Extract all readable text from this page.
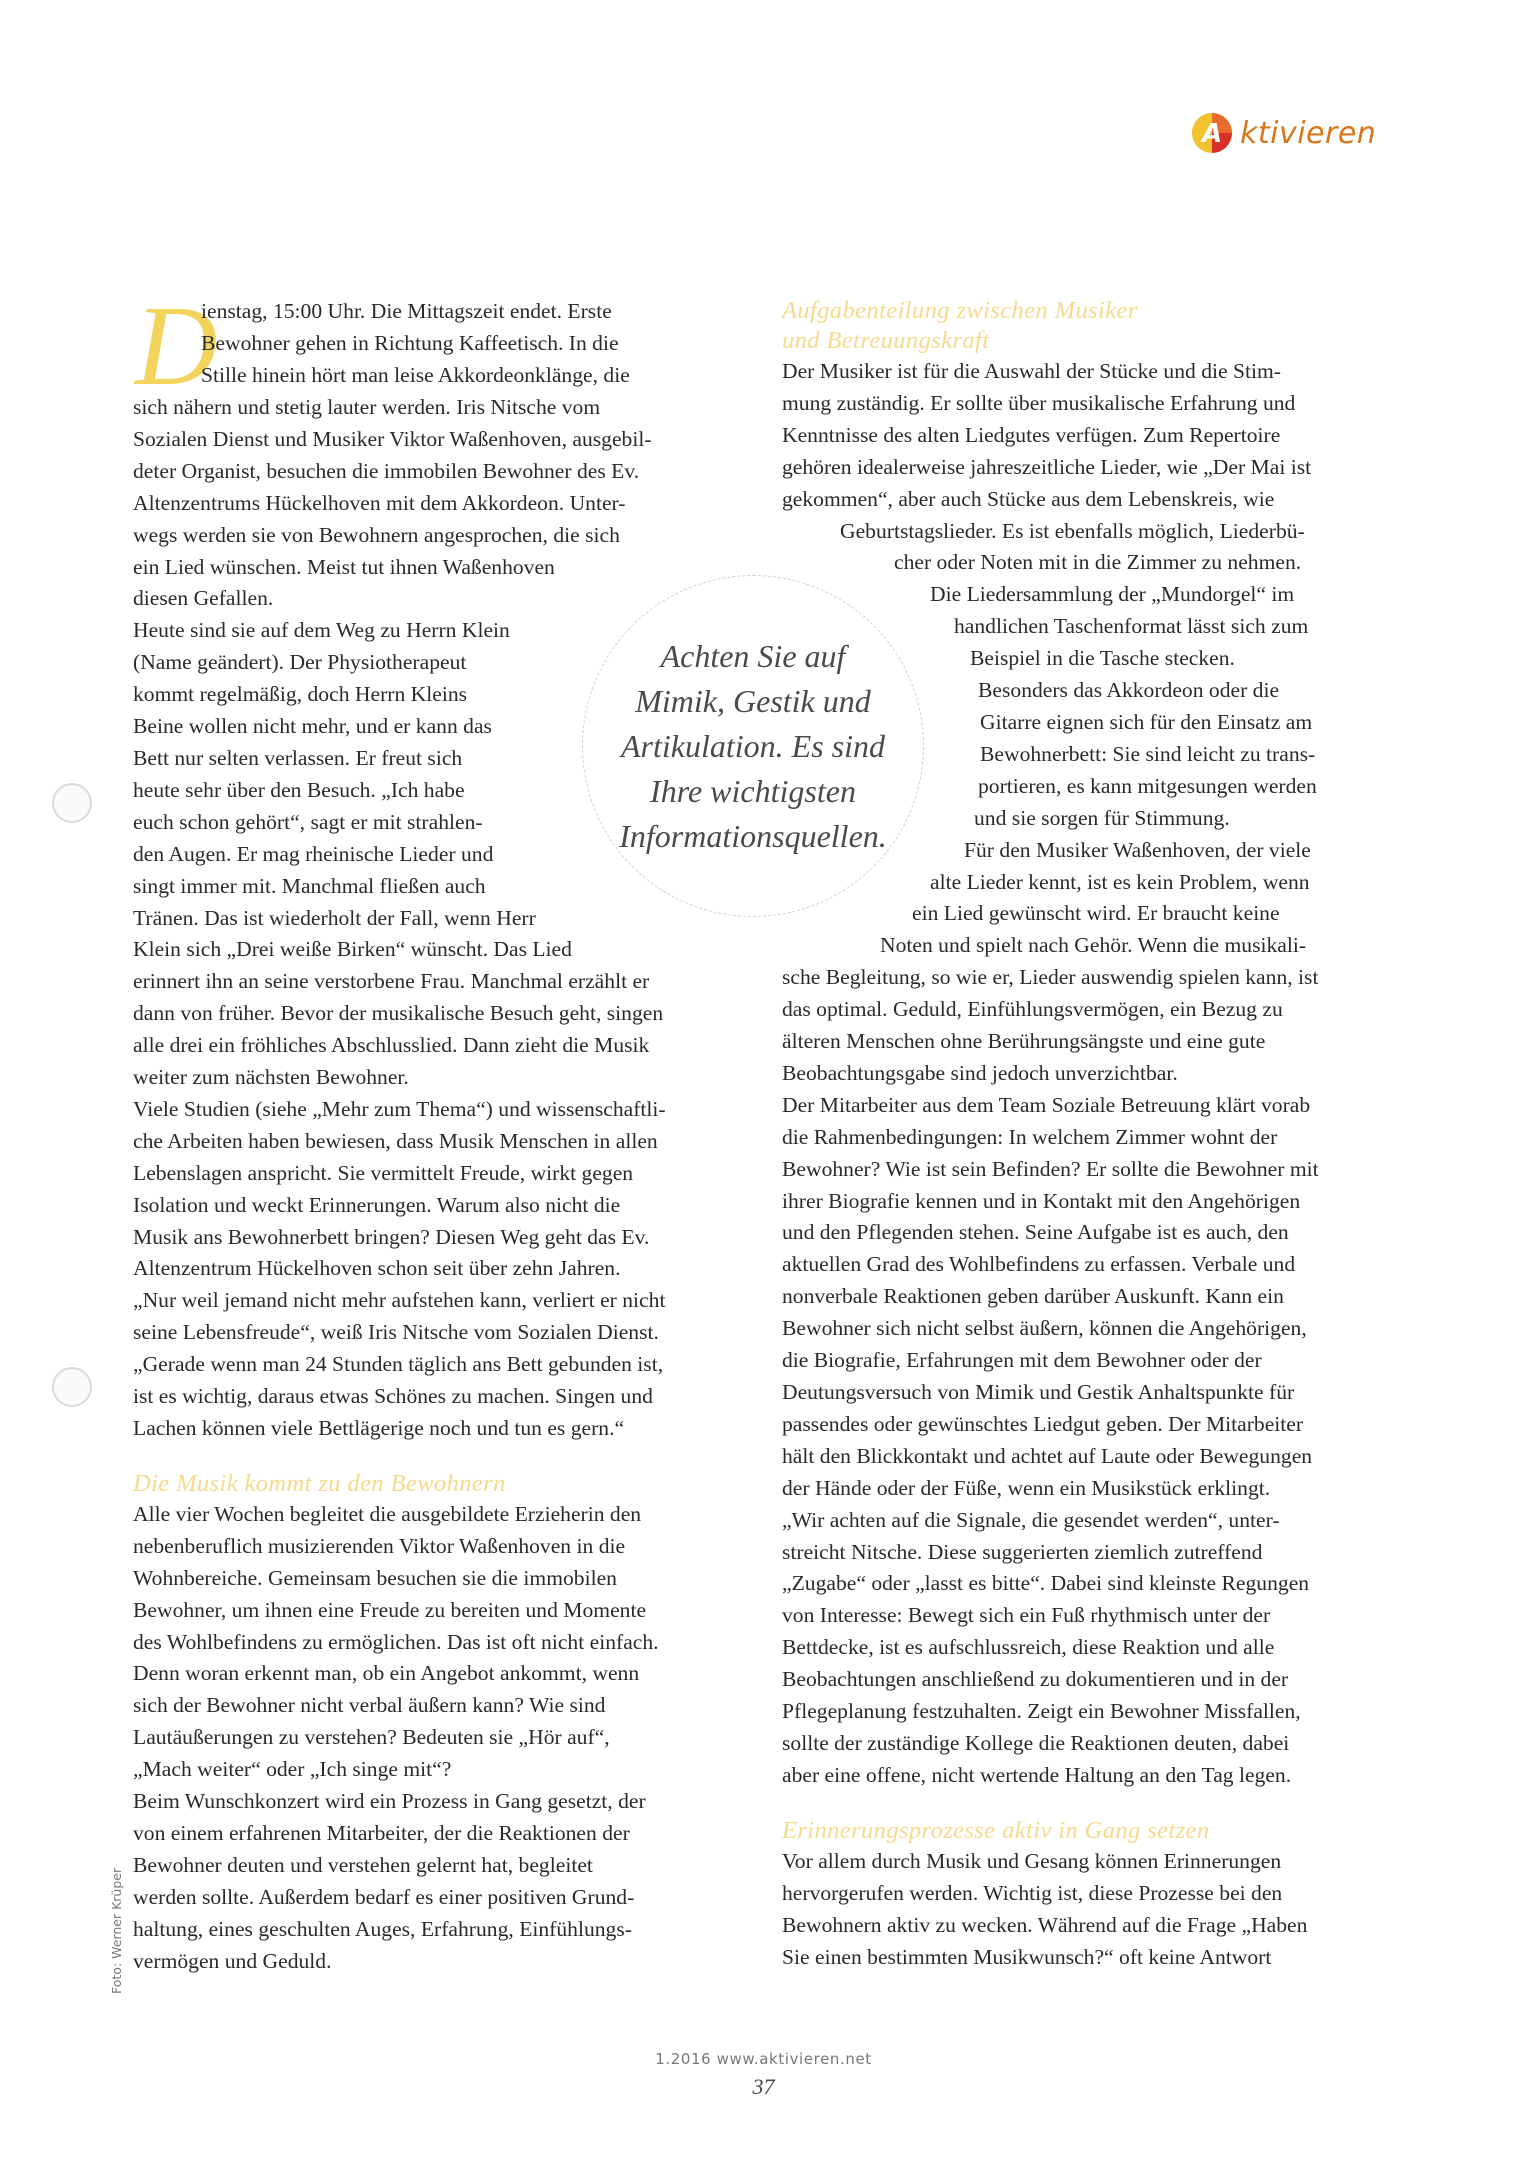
A ktivieren
D
ienstag, 15:00 Uhr. Die Mittagszeit endet. Erste
Bewohner gehen in Richtung Kaffeetisch. In die
Stille hinein hört man leise Akkordeonklänge, die
sich nähern und stetig lauter werden. Iris Nitsche vom
Sozialen Dienst und Musiker Viktor Waßenhoven, ausgebil-
deter Organist, besuchen die immobilen Bewohner des Ev.
Altenzentrums Hückelhoven mit dem Akkordeon. Unter-
wegs werden sie von Bewohnern angesprochen, die sich
ein Lied wünschen. Meist tut ihnen Waßenhoven
diesen Gefallen.
Heute sind sie auf dem Weg zu Herrn Klein
(Name geändert). Der Physiotherapeut
kommt regelmäßig, doch Herrn Kleins
Beine wollen nicht mehr, und er kann das
Bett nur selten verlassen. Er freut sich
heute sehr über den Besuch. „Ich habe
euch schon gehört“, sagt er mit strahlen-
den Augen. Er mag rheinische Lieder und
singt immer mit. Manchmal fließen auch
Tränen. Das ist wiederholt der Fall, wenn Herr
Klein sich „Drei weiße Birken“ wünscht. Das Lied
erinnert ihn an seine verstorbene Frau. Manchmal erzählt er
dann von früher. Bevor der musikalische Besuch geht, singen
alle drei ein fröhliches Abschlusslied. Dann zieht die Musik
weiter zum nächsten Bewohner.
Viele Studien (siehe „Mehr zum Thema“) und wissenschaftli-
che Arbeiten haben bewiesen, dass Musik Menschen in allen
Lebenslagen anspricht. Sie vermittelt Freude, wirkt gegen
Isolation und weckt Erinnerungen. Warum also nicht die
Musik ans Bewohnerbett bringen? Diesen Weg geht das Ev.
Altenzentrum Hückelhoven schon seit über zehn Jahren.
„Nur weil jemand nicht mehr aufstehen kann, verliert er nicht
seine Lebensfreude“, weiß Iris Nitsche vom Sozialen Dienst.
„Gerade wenn man 24 Stunden täglich ans Bett gebunden ist,
ist es wichtig, daraus etwas Schönes zu machen. Singen und
Lachen können viele Bettlägerige noch und tun es gern.“
Die Musik kommt zu den Bewohnern
Alle vier Wochen begleitet die ausgebildete Erzieherin den
nebenberuflich musizierenden Viktor Waßenhoven in die
Wohnbereiche. Gemeinsam besuchen sie die immobilen
Bewohner, um ihnen eine Freude zu bereiten und Momente
des Wohlbefindens zu ermöglichen. Das ist oft nicht einfach.
Denn woran erkennt man, ob ein Angebot ankommt, wenn
sich der Bewohner nicht verbal äußern kann? Wie sind
Lautäußerungen zu verstehen? Bedeuten sie „Hör auf“,
„Mach weiter“ oder „Ich singe mit“?
Beim Wunschkonzert wird ein Prozess in Gang gesetzt, der
von einem erfahrenen Mitarbeiter, der die Reaktionen der
Bewohner deuten und verstehen gelernt hat, begleitet
werden sollte. Außerdem bedarf es einer positiven Grund-
haltung, eines geschulten Auges, Erfahrung, Einfühlungs-
vermögen und Geduld.
Aufgabenteilung zwischen Musiker
und Betreuungskraft
Der Musiker ist für die Auswahl der Stücke und die Stim-
mung zuständig. Er sollte über musikalische Erfahrung und
Kenntnisse des alten Liedgutes verfügen. Zum Repertoire
gehören idealerweise jahreszeitliche Lieder, wie „Der Mai ist
gekommen“, aber auch Stücke aus dem Lebenskreis, wie
Geburtstagslieder. Es ist ebenfalls möglich, Liederbü-
cher oder Noten mit in die Zimmer zu nehmen.
Die Liedersammlung der „Mundorgel“ im
handlichen Taschenformat lässt sich zum
Beispiel in die Tasche stecken.
Besonders das Akkordeon oder die
Gitarre eignen sich für den Einsatz am
Bewohnerbett: Sie sind leicht zu trans-
portieren, es kann mitgesungen werden
und sie sorgen für Stimmung.
Für den Musiker Waßenhoven, der viele
alte Lieder kennt, ist es kein Problem, wenn
ein Lied gewünscht wird. Er braucht keine
Noten und spielt nach Gehör. Wenn die musikali-
sche Begleitung, so wie er, Lieder auswendig spielen kann, ist
das optimal. Geduld, Einfühlungsvermögen, ein Bezug zu
älteren Menschen ohne Berührungsängste und eine gute
Beobachtungsgabe sind jedoch unverzichtbar.
Der Mitarbeiter aus dem Team Soziale Betreuung klärt vorab
die Rahmenbedingungen: In welchem Zimmer wohnt der
Bewohner? Wie ist sein Befinden? Er sollte die Bewohner mit
ihrer Biografie kennen und in Kontakt mit den Angehörigen
und den Pflegenden stehen. Seine Aufgabe ist es auch, den
aktuellen Grad des Wohlbefindens zu erfassen. Verbale und
nonverbale Reaktionen geben darüber Auskunft. Kann ein
Bewohner sich nicht selbst äußern, können die Angehörigen,
die Biografie, Erfahrungen mit dem Bewohner oder der
Deutungsversuch von Mimik und Gestik Anhaltspunkte für
passendes oder gewünschtes Liedgut geben. Der Mitarbeiter
hält den Blickkontakt und achtet auf Laute oder Bewegungen
der Hände oder der Füße, wenn ein Musikstück erklingt.
„Wir achten auf die Signale, die gesendet werden“, unter-
streicht Nitsche. Diese suggerierten ziemlich zutreffend
„Zugabe“ oder „lasst es bitte“. Dabei sind kleinste Regungen
von Interesse: Bewegt sich ein Fuß rhythmisch unter der
Bettdecke, ist es aufschlussreich, diese Reaktion und alle
Beobachtungen anschließend zu dokumentieren und in der
Pflegeplanung festzuhalten. Zeigt ein Bewohner Missfallen,
sollte der zuständige Kollege die Reaktionen deuten, dabei
aber eine offene, nicht wertende Haltung an den Tag legen.
Erinnerungsprozesse aktiv in Gang setzen
Vor allem durch Musik und Gesang können Erinnerungen
hervorgerufen werden. Wichtig ist, diese Prozesse bei den
Bewohnern aktiv zu wecken. Während auf die Frage „Haben
Sie einen bestimmten Musikwunsch?“ oft keine Antwort
Achten Sie auf
Mimik, Gestik und
Artikulation. Es sind
Ihre wichtigsten
Informationsquellen.
Foto: Werner Krüper
1.2016 www.aktivieren.net
37
